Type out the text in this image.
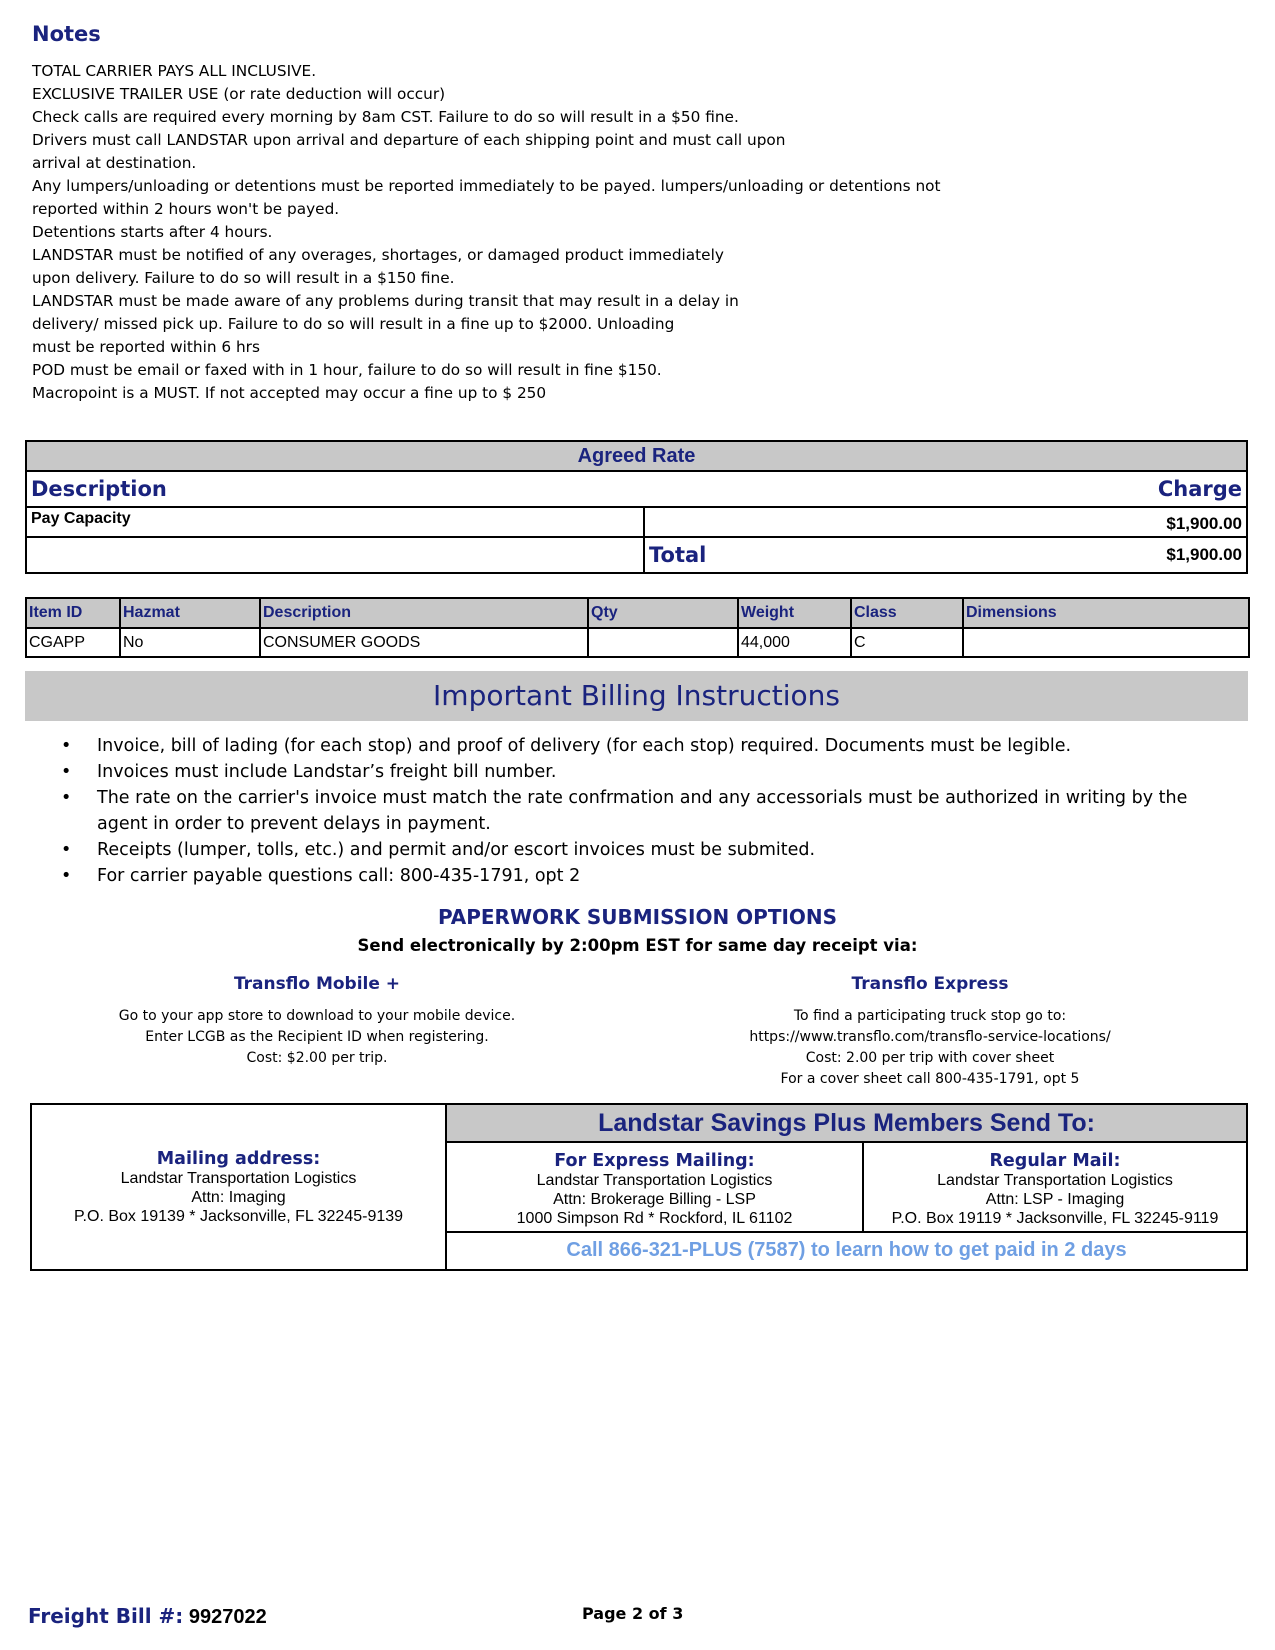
Notes
TOTAL CARRIER PAYS ALL INCLUSIVE.
EXCLUSIVE TRAILER USE (or rate deduction will occur)
Check calls are required every morning by 8am CST. Failure to do so will result in a $50 fine.
Drivers must call LANDSTAR upon arrival and departure of each shipping point and must call upon
arrival at destination.
Any lumpers/unloading or detentions must be reported immediately to be payed. lumpers/unloading or detentions not
reported within 2 hours won't be payed.
Detentions starts after 4 hours.
LANDSTAR must be notified of any overages, shortages, or damaged product immediately
upon delivery. Failure to do so will result in a $150 fine.
LANDSTAR must be made aware of any problems during transit that may result in a delay in
delivery/ missed pick up. Failure to do so will result in a fine up to $2000. Unloading
must be reported within 6 hrs
POD must be email or faxed with in 1 hour, failure to do so will result in fine $150.
Macropoint is a MUST. If not accepted may occur a fine up to $ 250
Agreed Rate
Description	Charge
Pay Capacity	$1,900.00
Total	$1,900.00
Item ID	Hazmat	Description	Qty	Weight	Class	Dimensions
CGAPP	No	CONSUMER GOODS		44,000	C	
Important Billing Instructions
• Invoice, bill of lading (for each stop) and proof of delivery (for each stop) required. Documents must be legible.
• Invoices must include Landstar’s freight bill number.
• The rate on the carrier's invoice must match the rate confrmation and any accessorials must be authorized in writing by the agent in order to prevent delays in payment.
• Receipts (lumper, tolls, etc.) and permit and/or escort invoices must be submited.
• For carrier payable questions call: 800-435-1791, opt 2
PAPERWORK SUBMISSION OPTIONS
Send electronically by 2:00pm EST for same day receipt via:
Transflo Mobile +
Go to your app store to download to your mobile device.
Enter LCGB as the Recipient ID when registering.
Cost: $2.00 per trip.
Transflo Express
To find a participating truck stop go to:
https://www.transflo.com/transflo-service-locations/
Cost: 2.00 per trip with cover sheet
For a cover sheet call 800-435-1791, opt 5
Mailing address:
Landstar Transportation Logistics
Attn: Imaging
P.O. Box 19139 * Jacksonville, FL 32245-9139
Landstar Savings Plus Members Send To:
For Express Mailing:
Landstar Transportation Logistics
Attn: Brokerage Billing - LSP
1000 Simpson Rd * Rockford, IL 61102
Regular Mail:
Landstar Transportation Logistics
Attn: LSP - Imaging
P.O. Box 19119 * Jacksonville, FL 32245-9119
Call 866-321-PLUS (7587) to learn how to get paid in 2 days
Freight Bill #: 9927022	Page 2 of 3
